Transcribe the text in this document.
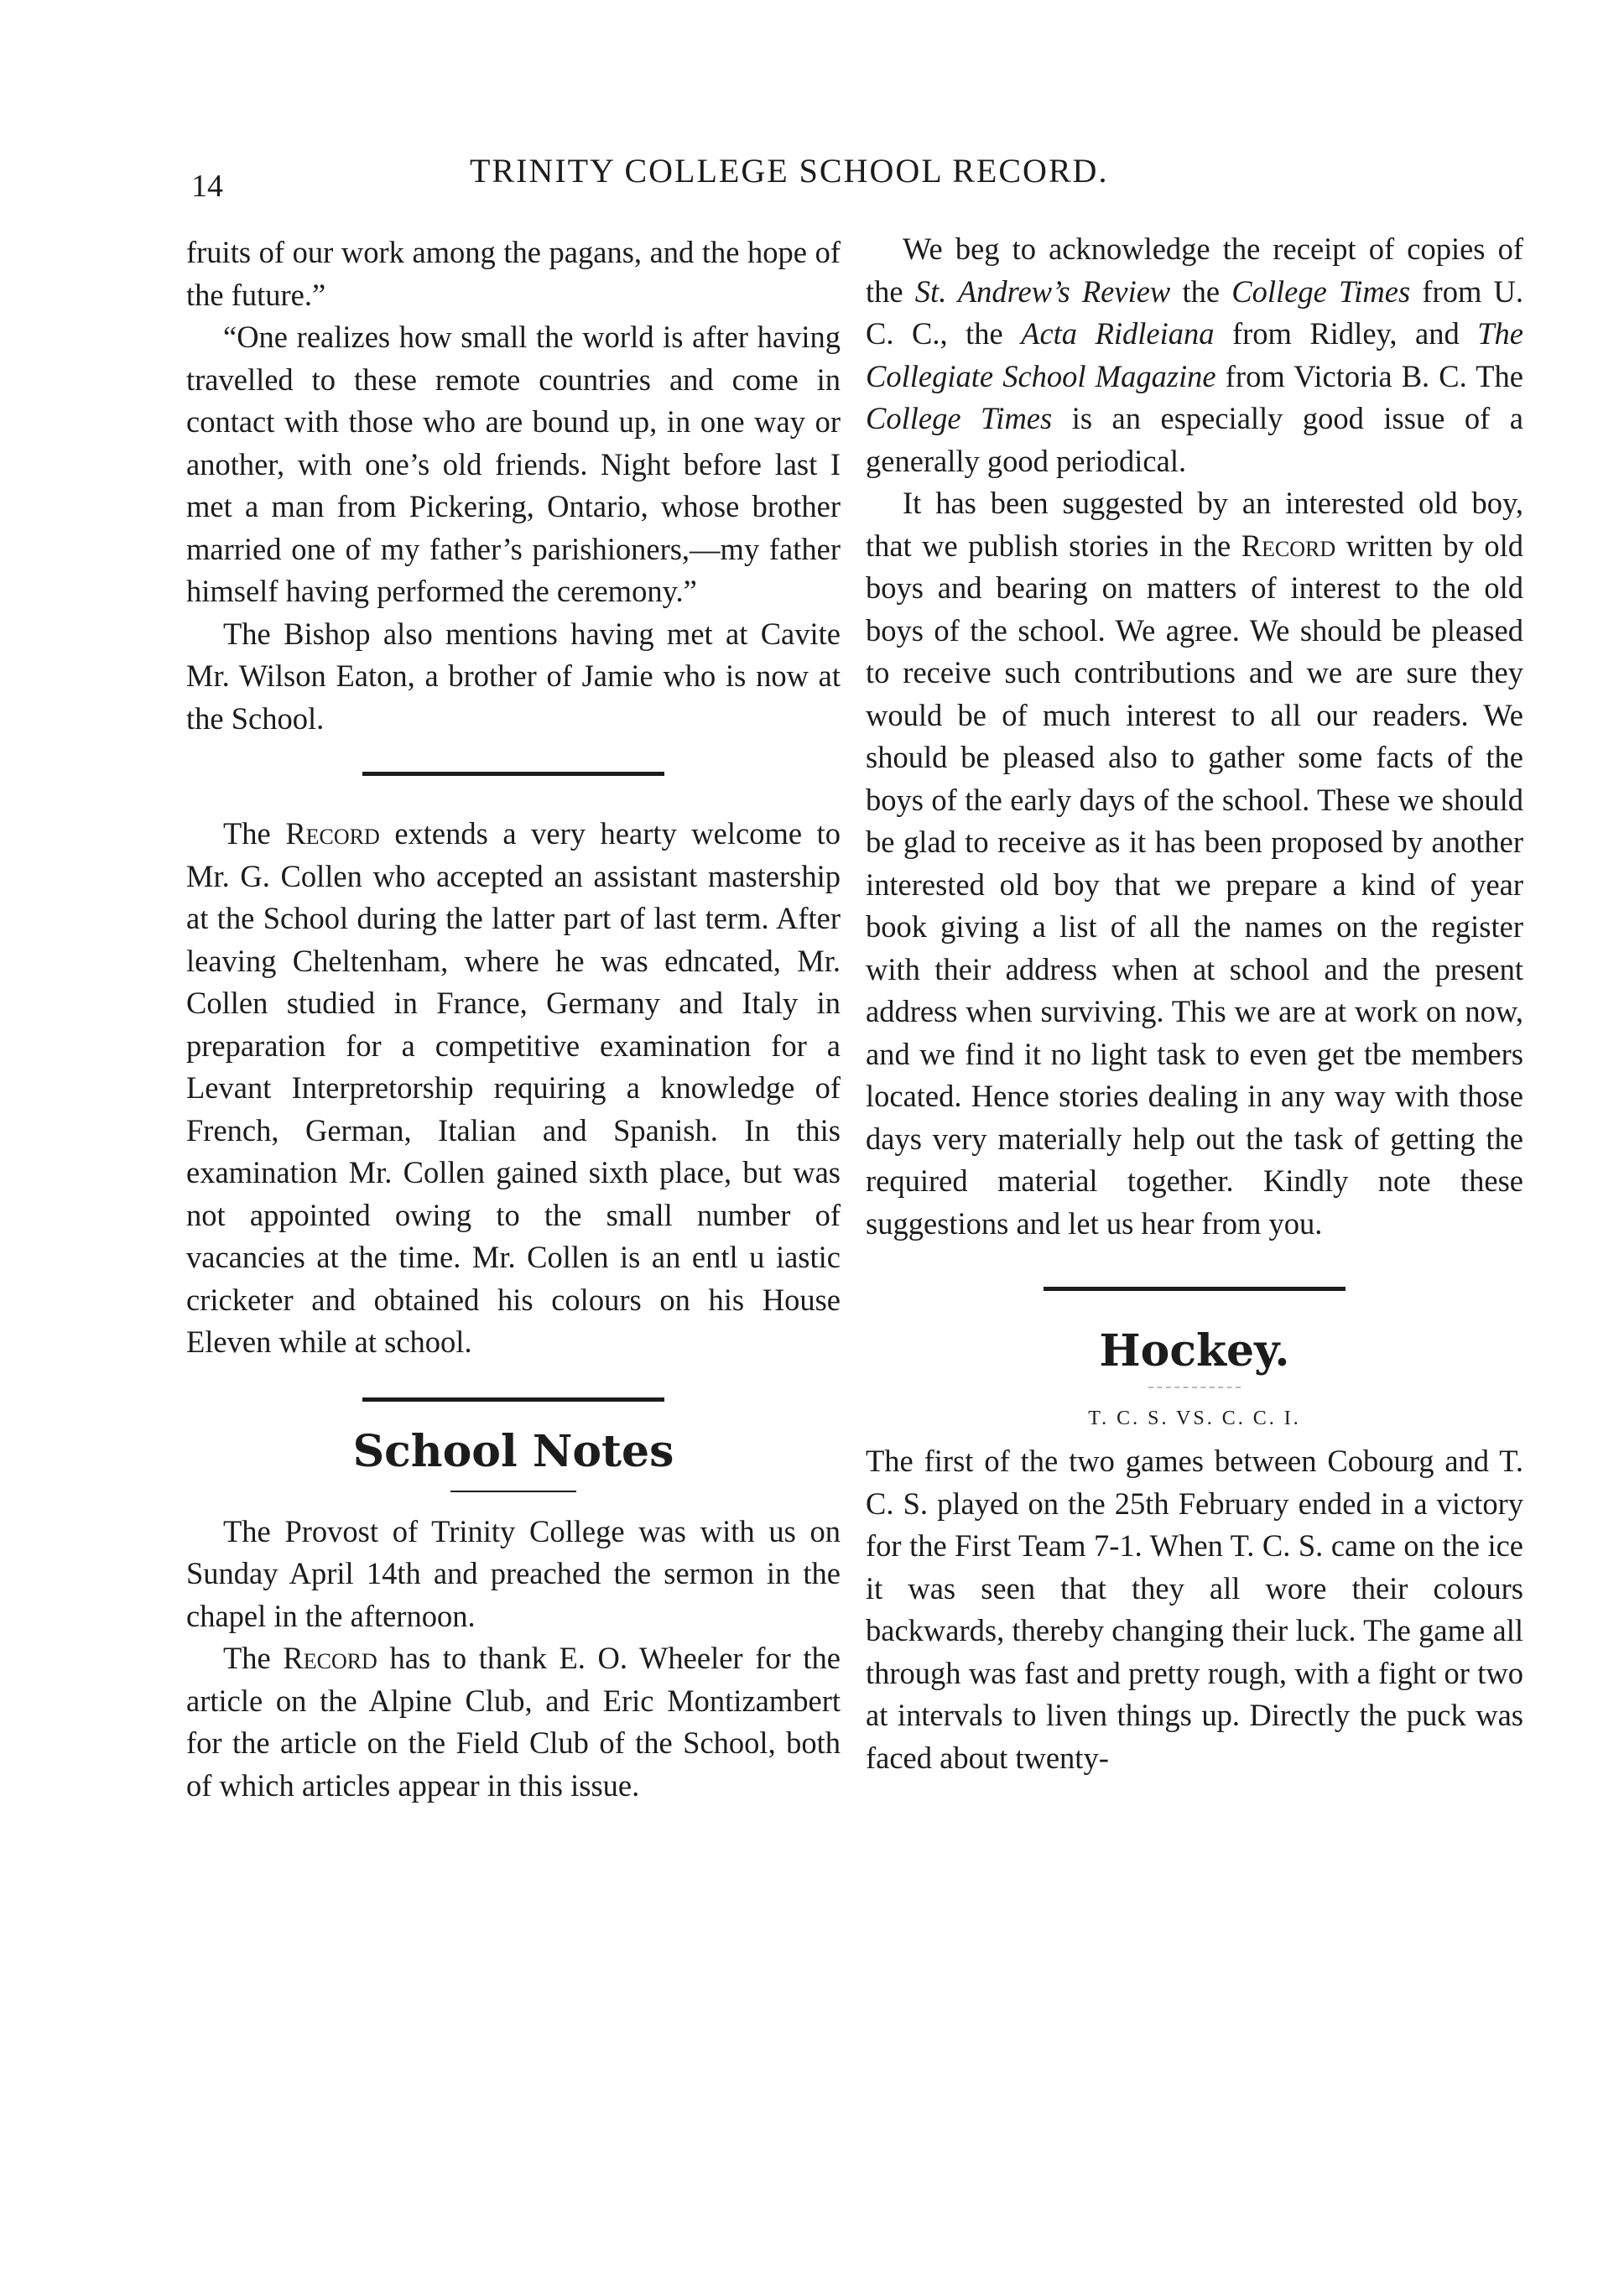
14	TRINITY COLLEGE SCHOOL RECORD.

fruits of our work among the pagans, and the hope of the future.”

“One realizes how small the world is after having travelled to these remote countries and come in contact with those who are bound up, in one way or another, with one’s old friends. Night before last I met a man from Pickering, Ontario, whose brother married one of my father’s parishioners,—my father himself having performed the ceremony.”

The Bishop also mentions having met at Cavite Mr. Wilson Eaton, a brother of Jamie who is now at the School.

The Record extends a very hearty welcome to Mr. G. Collen who accepted an assistant mastership at the School during the latter part of last term. After leaving Cheltenham, where he was edncated, Mr. Collen studied in France, Germany and Italy in preparation for a competitive examination for a Levant Interpretorship requiring a knowledge of French, German, Italian and Spanish. In this examination Mr. Collen gained sixth place, but was not appointed owing to the small number of vacancies at the time. Mr. Collen is an entl u iastic cricketer and obtained his colours on his House Eleven while at school.

School Notes

The Provost of Trinity College was with us on Sunday April 14th and preached the sermon in the chapel in the afternoon.

The Record has to thank E. O. Wheeler for the article on the Alpine Club, and Eric Montizambert for the article on the Field Club of the School, both of which articles appear in this issue.

We beg to acknowledge the receipt of copies of the St. Andrew’s Review the College Times from U. C. C., the Acta Ridleiana from Ridley, and The Collegiate School Magazine from Victoria B. C. The College Times is an especially good issue of a generally good periodical.

It has been suggested by an interested old boy, that we publish stories in the Record written by old boys and bearing on matters of interest to the old boys of the school. We agree. We should be pleased to receive such contributions and we are sure they would be of much interest to all our readers. We should be pleased also to gather some facts of the boys of the early days of the school. These we should be glad to receive as it has been proposed by another interested old boy that we prepare a kind of year book giving a list of all the names on the register with their address when at school and the present address when surviving. This we are at work on now, and we find it no light task to even get tbe members located. Hence stories dealing in any way with those days very materially help out the task of getting the required material together. Kindly note these suggestions and let us hear from you.

Hockey.
T. C. S. VS. C. C. I.

The first of the two games between Cobourg and T. C. S. played on the 25th February ended in a victory for the First Team 7-1. When T. C. S. came on the ice it was seen that they all wore their colours backwards, thereby changing their luck. The game all through was fast and pretty rough, with a fight or two at intervals to liven things up. Directly the puck was faced about twenty-
